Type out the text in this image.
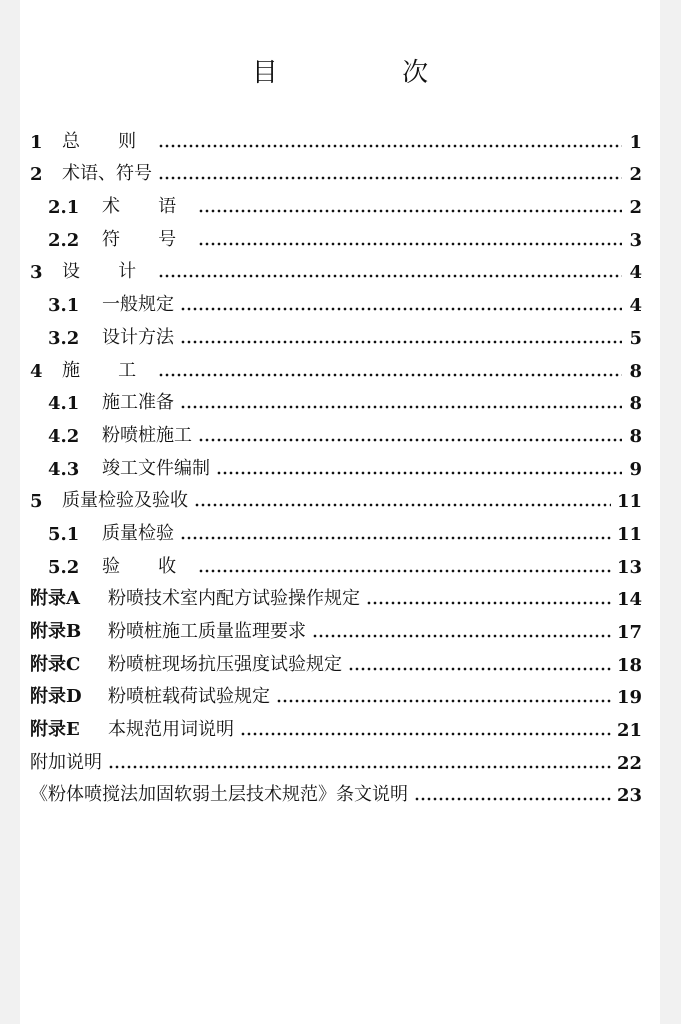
目 次
1	总 则	1
2	术语、符号	2
2.1	术 语	2
2.2	符 号	3
3	设 计	4
3.1	一般规定	4
3.2	设计方法	5
4	施 工	8
4.1	施工准备	8
4.2	粉喷桩施工	8
4.3	竣工文件编制	9
5	质量检验及验收	11
5.1	质量检验	11
5.2	验 收	13
附录A	粉喷技术室内配方试验操作规定	14
附录B	粉喷桩施工质量监理要求	17
附录C	粉喷桩现场抗压强度试验规定	18
附录D	粉喷桩载荷试验规定	19
附录E	本规范用词说明	21
附加说明	22
《粉体喷搅法加固软弱土层技术规范》条文说明	23
